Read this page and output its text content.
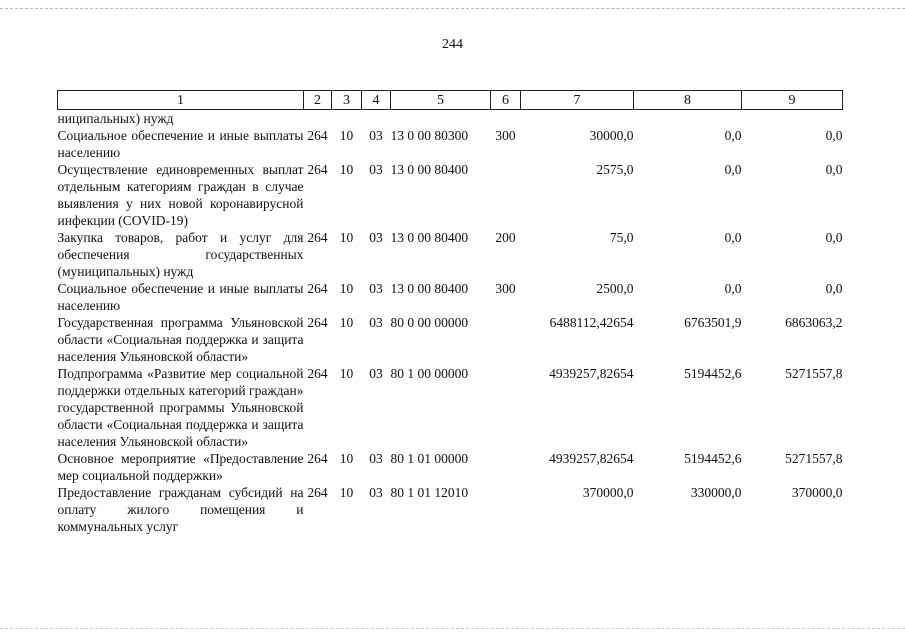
244
1	2	3	4	5	6	7	8	9
ниципальных) нужд								
Социальное обеспечение и иные выплаты населению	264	10	03	13 0 00 80300	300	30000,0	0,0	0,0
Осуществление единовременных выплат отдельным категориям граждан в случае выявления у них новой коронавирусной инфекции (COVID-19)	264	10	03	13 0 00 80400		2575,0	0,0	0,0
Закупка товаров, работ и услуг для обеспечения государственных (муниципальных) нужд	264	10	03	13 0 00 80400	200	75,0	0,0	0,0
Социальное обеспечение и иные выплаты населению	264	10	03	13 0 00 80400	300	2500,0	0,0	0,0
Государственная программа Ульяновской области «Социальная поддержка и защита населения Ульяновской области»	264	10	03	80 0 00 00000		6488112,42654	6763501,9	6863063,2
Подпрограмма «Развитие мер социальной поддержки отдельных категорий граждан» государственной программы Ульяновской области «Социальная поддержка и защита населения Ульяновской области»	264	10	03	80 1 00 00000		4939257,82654	5194452,6	5271557,8
Основное мероприятие «Предоставление мер социальной поддержки»	264	10	03	80 1 01 00000		4939257,82654	5194452,6	5271557,8
Предоставление гражданам субсидий на оплату жилого помещения и коммунальных услуг	264	10	03	80 1 01 12010		370000,0	330000,0	370000,0
